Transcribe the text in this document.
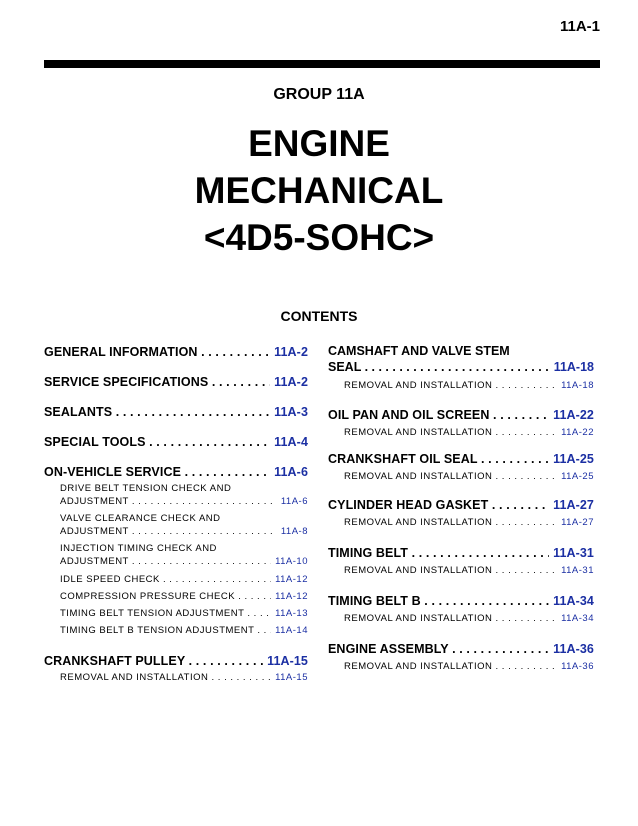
11A-1
GROUP 11A
ENGINE
MECHANICAL
<4D5-SOHC>
CONTENTS
GENERAL INFORMATION . . .	11A-2
SERVICE SPECIFICATIONS . . .	11A-2
SEALANTS . . .	11A-3
SPECIAL TOOLS . . .	11A-4
ON-VEHICLE SERVICE . . .	11A-6
DRIVE BELT TENSION CHECK AND
ADJUSTMENT . . .	11A-6
VALVE CLEARANCE CHECK AND
ADJUSTMENT . . .	11A-8
INJECTION TIMING CHECK AND
ADJUSTMENT . . .	11A-10
IDLE SPEED CHECK . . .	11A-12
COMPRESSION PRESSURE CHECK . . .	11A-12
TIMING BELT TENSION ADJUSTMENT . . .	11A-13
TIMING BELT B TENSION ADJUSTMENT . . .	11A-14
CRANKSHAFT PULLEY . . .	11A-15
REMOVAL AND INSTALLATION . . .	11A-15
CAMSHAFT AND VALVE STEM
SEAL . . .	11A-18
REMOVAL AND INSTALLATION . . .	11A-18
OIL PAN AND OIL SCREEN . . .	11A-22
REMOVAL AND INSTALLATION . . .	11A-22
CRANKSHAFT OIL SEAL . . .	11A-25
REMOVAL AND INSTALLATION . . .	11A-25
CYLINDER HEAD GASKET . . .	11A-27
REMOVAL AND INSTALLATION . . .	11A-27
TIMING BELT . . .	11A-31
REMOVAL AND INSTALLATION . . .	11A-31
TIMING BELT B . . .	11A-34
REMOVAL AND INSTALLATION . . .	11A-34
ENGINE ASSEMBLY . . .	11A-36
REMOVAL AND INSTALLATION . . .	11A-36
